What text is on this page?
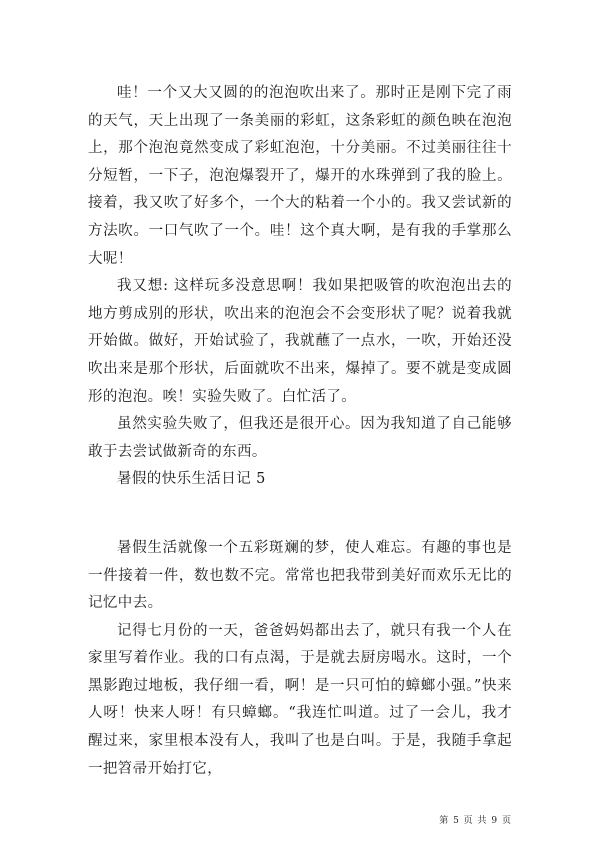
哇！一个又大又圆的的泡泡吹出来了。那时正是刚下完了雨的天气，天上出现了一条美丽的彩虹，这条彩虹的颜色映在泡泡上，那个泡泡竟然变成了彩虹泡泡，十分美丽。不过美丽往往十分短暂，一下子，泡泡爆裂开了，爆开的水珠弹到了我的脸上。接着，我又吹了好多个，一个大的粘着一个小的。我又尝试新的方法吹。一口气吹了一个。哇！这个真大啊，是有我的手掌那么大呢！

我又想: 这样玩多没意思啊！我如果把吸管的吹泡泡出去的地方剪成别的形状，吹出来的泡泡会不会变形状了呢？说着我就开始做。做好，开始试验了，我就蘸了一点水，一吹，开始还没吹出来是那个形状，后面就吹不出来，爆掉了。要不就是变成圆形的泡泡。唉！实验失败了。白忙活了。

虽然实验失败了，但我还是很开心。因为我知道了自己能够敢于去尝试做新奇的东西。

暑假的快乐生活日记 5

暑假生活就像一个五彩斑斓的梦，使人难忘。有趣的事也是一件接着一件，数也数不完。常常也把我带到美好而欢乐无比的记忆中去。

记得七月份的一天，爸爸妈妈都出去了，就只有我一个人在家里写着作业。我的口有点渴，于是就去厨房喝水。这时，一个黑影跑过地板，我仔细一看，啊！是一只可怕的蟑螂小强。”快来人呀！快来人呀！有只蟑螂。“我连忙叫道。过了一会儿，我才醒过来，家里根本没有人，我叫了也是白叫。于是，我随手拿起一把笤帚开始打它，

第 5 页 共 9 页
